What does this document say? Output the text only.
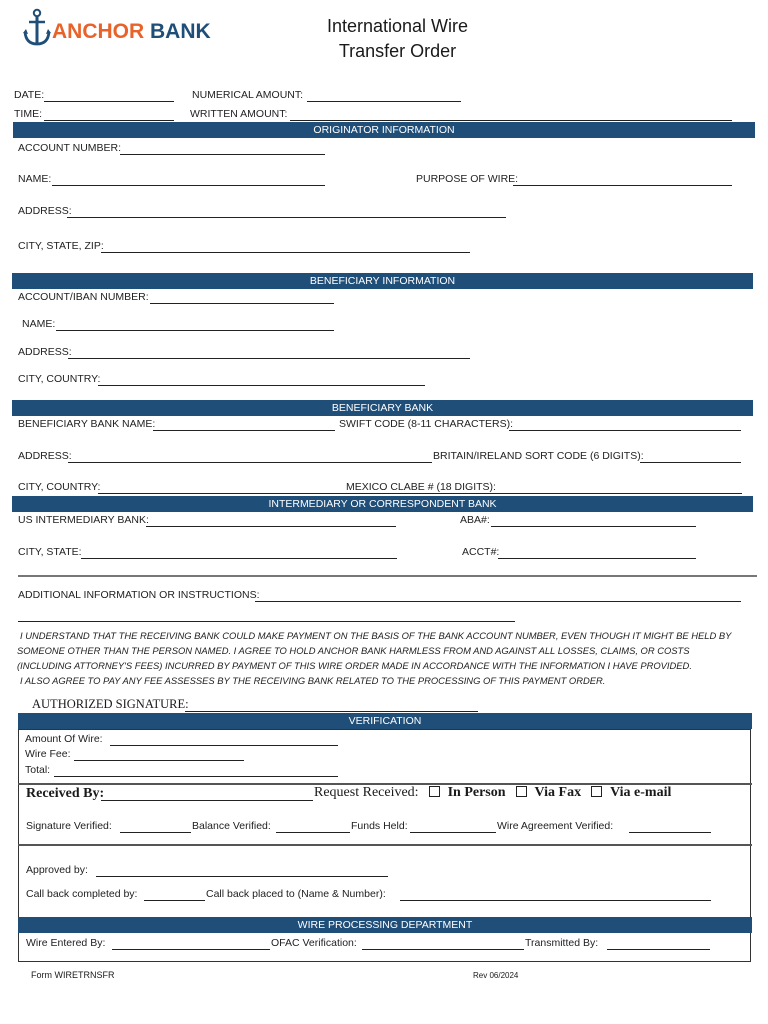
ANCHOR BANK	International Wire
Transfer Order
DATE:	NUMERICAL AMOUNT:
TIME:	WRITTEN AMOUNT:
ORIGINATOR INFORMATION
ACCOUNT NUMBER:
NAME:	PURPOSE OF WIRE:
ADDRESS:
CITY, STATE, ZIP:
BENEFICIARY INFORMATION
ACCOUNT/IBAN NUMBER:
NAME:
ADDRESS:
CITY, COUNTRY:
BENEFICIARY BANK
BENEFICIARY BANK NAME:	SWIFT CODE (8-11 CHARACTERS):
ADDRESS:	BRITAIN/IRELAND SORT CODE (6 DIGITS):
CITY, COUNTRY:	MEXICO CLABE # (18 DIGITS):
INTERMEDIARY OR CORRESPONDENT BANK
US INTERMEDIARY BANK:	ABA#:
CITY, STATE:	ACCT#:
ADDITIONAL INFORMATION OR INSTRUCTIONS:
I UNDERSTAND THAT THE RECEIVING BANK COULD MAKE PAYMENT ON THE BASIS OF THE BANK ACCOUNT NUMBER, EVEN THOUGH IT MIGHT BE HELD BY
SOMEONE OTHER THAN THE PERSON NAMED. I AGREE TO HOLD ANCHOR BANK HARMLESS FROM AND AGAINST ALL LOSSES, CLAIMS, OR COSTS
(INCLUDING ATTORNEY'S FEES) INCURRED BY PAYMENT OF THIS WIRE ORDER MADE IN ACCORDANCE WITH THE INFORMATION I HAVE PROVIDED.
I ALSO AGREE TO PAY ANY FEE ASSESSES BY THE RECEIVING BANK RELATED TO THE PROCESSING OF THIS PAYMENT ORDER.
AUTHORIZED SIGNATURE:
VERIFICATION
Amount Of Wire:
Wire Fee:
Total:
Received By:	Request Received: In Person Via Fax Via e-mail
Signature Verified:	Balance Verified:	Funds Held:	Wire Agreement Verified:
Approved by:
Call back completed by:	Call back placed to (Name & Number):
WIRE PROCESSING DEPARTMENT
Wire Entered By:	OFAC Verification:	Transmitted By:
Form WIRETRNSFR	Rev 06/2024
